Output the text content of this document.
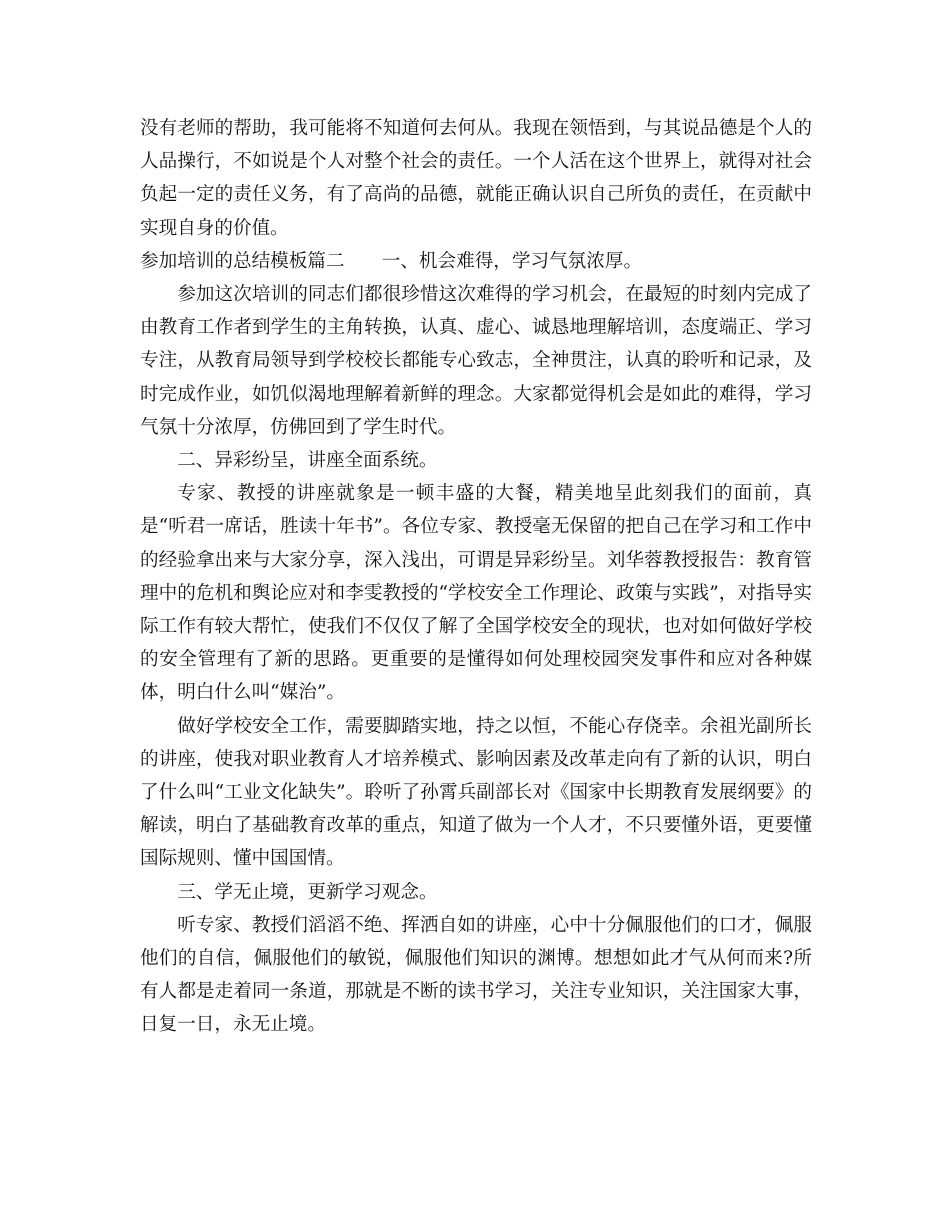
没有老师的帮助，我可能将不知道何去何从。我现在领悟到，与其说品德是个人的人品操行，不如说是个人对整个社会的责任。一个人活在这个世界上，就得对社会负起一定的责任义务，有了高尚的品德，就能正确认识自己所负的责任，在贡献中实现自身的价值。

参加培训的总结模板篇二　　一、机会难得，学习气氛浓厚。

参加这次培训的同志们都很珍惜这次难得的学习机会，在最短的时刻内完成了由教育工作者到学生的主角转换，认真、虚心、诚恳地理解培训，态度端正、学习专注，从教育局领导到学校校长都能专心致志，全神贯注，认真的聆听和记录，及时完成作业，如饥似渴地理解着新鲜的理念。大家都觉得机会是如此的难得，学习气氛十分浓厚，仿佛回到了学生时代。

二、异彩纷呈，讲座全面系统。

专家、教授的讲座就象是一顿丰盛的大餐，精美地呈此刻我们的面前，真是“听君一席话，胜读十年书”。各位专家、教授毫无保留的把自己在学习和工作中的经验拿出来与大家分享，深入浅出，可谓是异彩纷呈。刘华蓉教授报告：教育管理中的危机和舆论应对和李雯教授的“学校安全工作理论、政策与实践”，对指导实际工作有较大帮忙，使我们不仅仅了解了全国学校安全的现状，也对如何做好学校的安全管理有了新的思路。更重要的是懂得如何处理校园突发事件和应对各种媒体，明白什么叫“媒治”。

做好学校安全工作，需要脚踏实地，持之以恒，不能心存侥幸。余祖光副所长的讲座，使我对职业教育人才培养模式、影响因素及改革走向有了新的认识，明白了什么叫“工业文化缺失”。聆听了孙霄兵副部长对《国家中长期教育发展纲要》的解读，明白了基础教育改革的重点，知道了做为一个人才，不只要懂外语，更要懂国际规则、懂中国国情。

三、学无止境，更新学习观念。

听专家、教授们滔滔不绝、挥洒自如的讲座，心中十分佩服他们的口才，佩服他们的自信，佩服他们的敏锐，佩服他们知识的渊博。想想如此才气从何而来?所有人都是走着同一条道，那就是不断的读书学习，关注专业知识，关注国家大事，日复一日，永无止境。
